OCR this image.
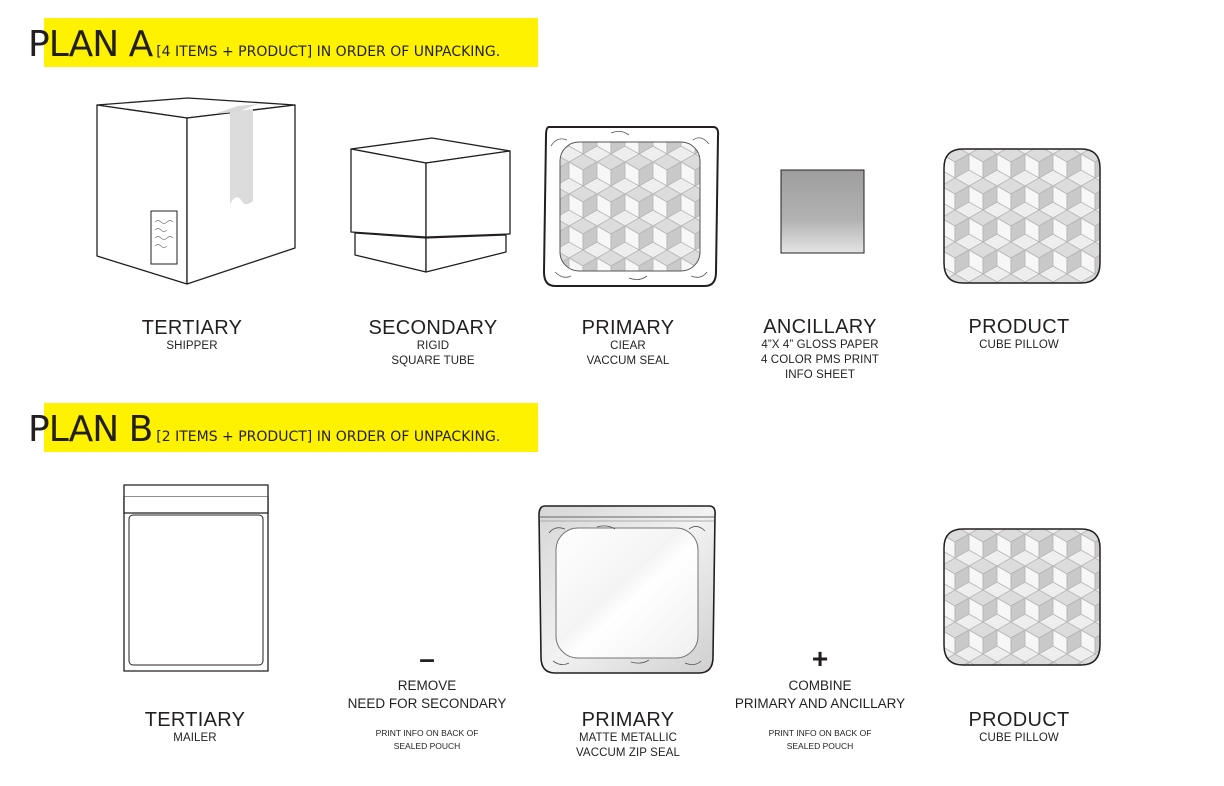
PLAN A [4 ITEMS + PRODUCT] IN ORDER OF UNPACKING.
TERTIARY
SHIPPER
SECONDARY
RIGID
SQUARE TUBE
PRIMARY
CIEAR
VACCUM SEAL
ANCILLARY
4”X 4” GLOSS PAPER
4 COLOR PMS PRINT
INFO SHEET
PRODUCT
CUBE PILLOW
PLAN B [2 ITEMS + PRODUCT] IN ORDER OF UNPACKING.
–
REMOVE
NEED FOR SECONDARY
PRINT INFO ON BACK OF
SEALED POUCH
+
COMBINE
PRIMARY AND ANCILLARY
PRINT INFO ON BACK OF
SEALED POUCH
TERTIARY
MAILER
PRIMARY
MATTE METALLIC
VACCUM ZIP SEAL
PRODUCT
CUBE PILLOW
